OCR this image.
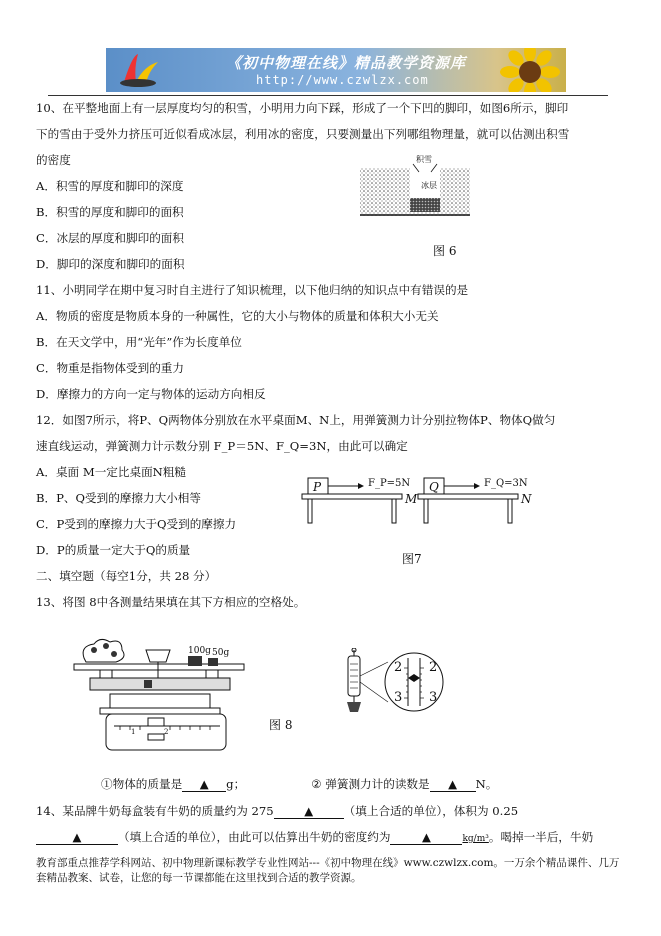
《初中物理在线》精品教学资源库
http://www.czwlzx.com
10、在平整地面上有一层厚度均匀的积雪，小明用力向下踩，形成了一个下凹的脚印，如图6所示，脚印
下的雪由于受外力挤压可近似看成冰层，利用冰的密度，只要测量出下列哪组物理量，就可以估测出积雪
的密度
A．积雪的厚度和脚印的深度
B．积雪的厚度和脚印的面积
C．冰层的厚度和脚印的面积
D．脚印的深度和脚印的面积
积雪
冰层
图 6
11、小明同学在期中复习时自主进行了知识梳理，以下他归纳的知识点中有错误的是
A．物质的密度是物质本身的一种属性，它的大小与物体的质量和体积大小无关
B．在天文学中，用“光年”作为长度单位
C．物重是指物体受到的重力
D．摩擦力的方向一定与物体的运动方向相反
12．如图7所示，将P、Q两物体分别放在水平桌面M、N上，用弹簧测力计分别拉物体P、物体Q做匀
速直线运动，弹簧测力计示数分别 F_P＝5N、F_Q=3N，由此可以确定
A．桌面 M一定比桌面N粗糙
B．P、Q受到的摩擦力大小相等
C．P受到的摩擦力大于Q受到的摩擦力
D．P的质量一定大于Q的质量
P	Q
F_P=5N	F_Q=3N
M	N
图7
二、填空题（每空1分，共 28 分）
13、将图 8中各测量结果填在其下方相应的空格处。
100g 50g
1	2
2 2
3 3
图 8
①物体的质量是 ▲ g；	② 弹簧测力计的读数是 ▲ N。
14、某品牌牛奶每盒装有牛奶的质量约为 275	▲	（填上合适的单位），体积为 0.25
▲	（填上合适的单位），由此可以估算出牛奶的密度约为	▲	kg/m³。喝掉一半后，牛奶
教育部重点推荐学科网站、初中物理新课标教学专业性网站---《初中物理在线》www.czwlzx.com。一万余个精品课件、几万
套精品教案、试卷，让您的每一节课都能在这里找到合适的教学资源。
